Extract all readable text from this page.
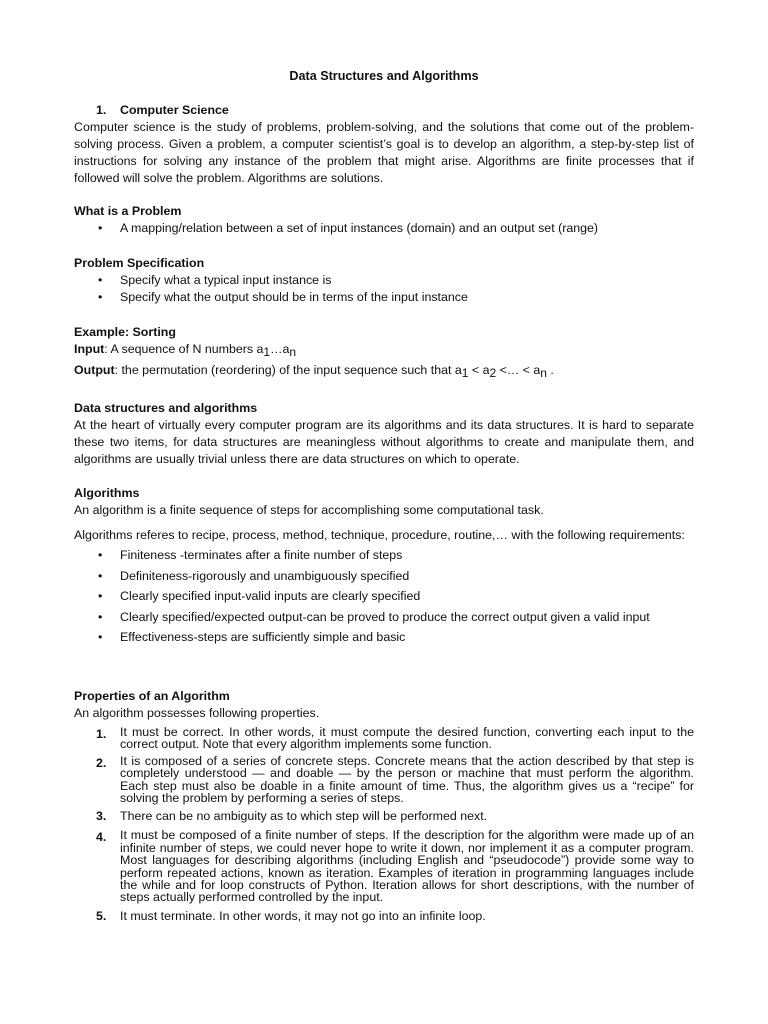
Data Structures and Algorithms
1.	Computer Science

Computer science is the study of problems, problem-solving, and the solutions that come out of the problem-solving process. Given a problem, a computer scientist’s goal is to develop an algorithm, a step-by-step list of instructions for solving any instance of the problem that might arise. Algorithms are finite processes that if followed will solve the problem. Algorithms are solutions.

What is a Problem
• A mapping/relation between a set of input instances (domain) and an output set (range)
Problem Specification
• Specify what a typical input instance is
• Specify what the output should be in terms of the input instance
Example: Sorting
Input: A sequence of N numbers $a_1\dots a_n$
Output: the permutation (reordering) of the input sequence such that $a_1 < a_2$ <… < $a_n$ .
Data structures and algorithms

At the heart of virtually every computer program are its algorithms and its data structures. It is hard to separate these two items, for data structures are meaningless without algorithms to create and manipulate them, and algorithms are usually trivial unless there are data structures on which to operate.

Algorithms

An algorithm is a finite sequence of steps for accomplishing some computational task.

Algorithms referes to recipe, process, method, technique, procedure, routine,… with the following requirements:

• Finiteness -terminates after a finite number of steps
• Definiteness-rigorously and unambiguously specified
• Clearly specified input-valid inputs are clearly specified
• Clearly specified/expected output-can be proved to produce the correct output given a valid input
• Effectiveness-steps are sufficiently simple and basic
Properties of an Algorithm

An algorithm possesses following properties.

1.	It must be correct. In other words, it must compute the desired function, converting each input to the correct output. Note that every algorithm implements some function.
2.	It is composed of a series of concrete steps. Concrete means that the action described by that step is completely understood — and doable — by the person or machine that must perform the algorithm. Each step must also be doable in a finite amount of time. Thus, the algorithm gives us a “recipe” for solving the problem by performing a series of steps.
3.	There can be no ambiguity as to which step will be performed next.
4.	It must be composed of a finite number of steps. If the description for the algorithm were made up of an infinite number of steps, we could never hope to write it down, nor implement it as a computer program. Most languages for describing algorithms (including English and “pseudocode”) provide some way to perform repeated actions, known as iteration. Examples of iteration in programming languages include the while and for loop constructs of Python. Iteration allows for short descriptions, with the number of steps actually performed controlled by the input.
5.	It must terminate. In other words, it may not go into an infinite loop.
